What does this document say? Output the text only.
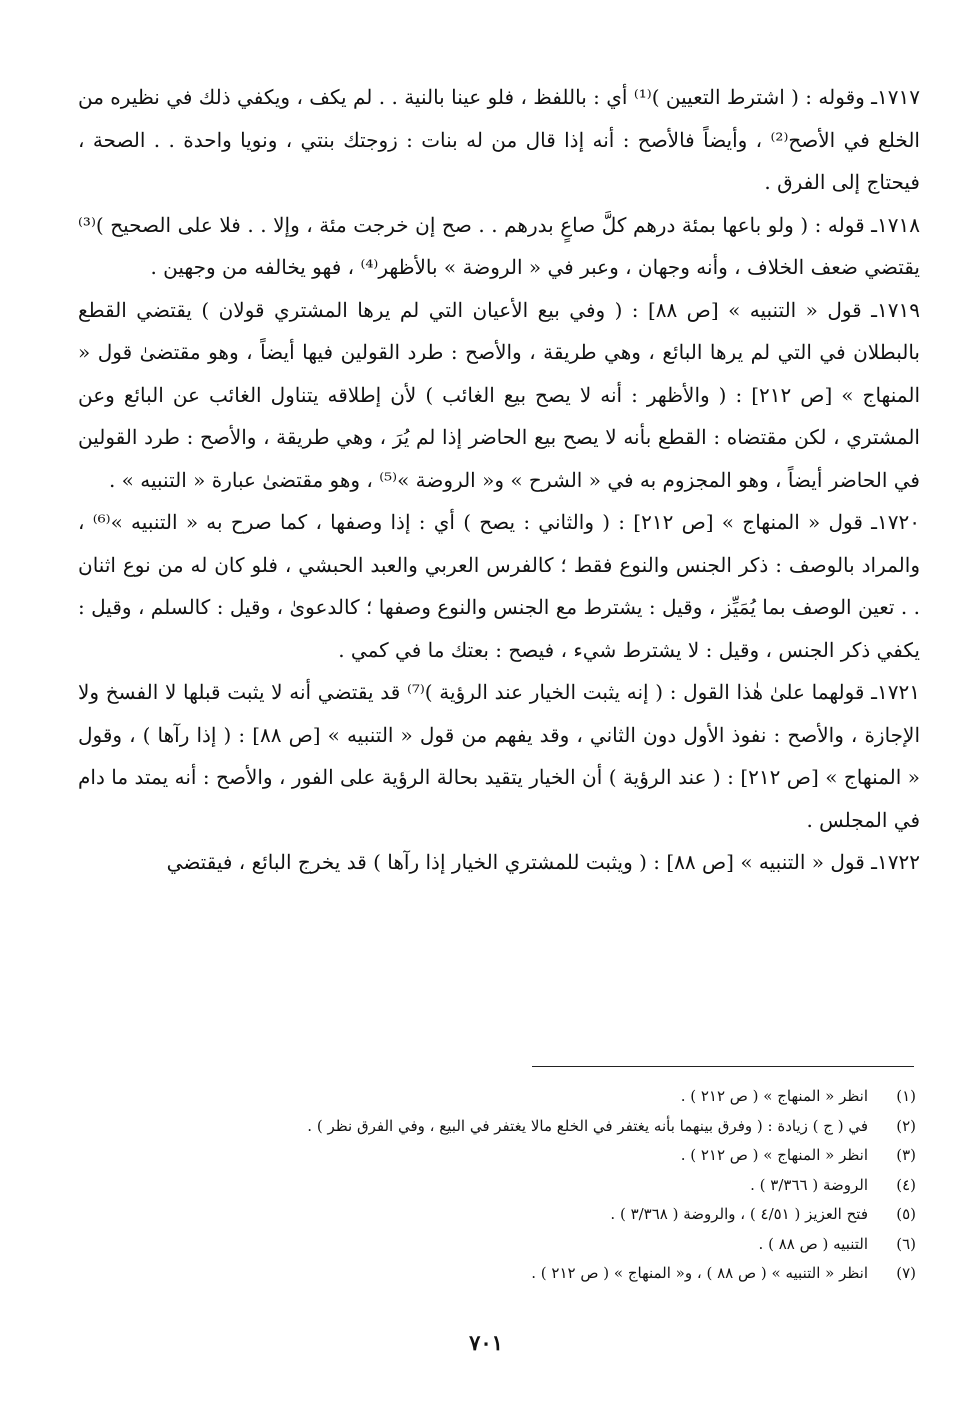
١٧١٧ـ وقوله : ( اشترط التعيين )⁽¹⁾ أي : باللفظ ، فلو عينا بالنية . . لم يكف ، ويكفي ذلك في نظيره من الخلع في الأصح⁽²⁾ ، وأيضاً فالأصح : أنه إذا قال من له بنات : زوجتك بنتي ، ونويا واحدة . . الصحة ، فيحتاج إلى الفرق .

١٧١٨ـ قوله : ( ولو باعها بمئة درهم كلَّ صاعٍ بدرهم . . صح إن خرجت مئة ، وإلا . . فلا على الصحيح )⁽³⁾ يقتضي ضعف الخلاف ، وأنه وجهان ، وعبر في « الروضة » بالأظهر⁽⁴⁾ ، فهو يخالفه من وجهين .

١٧١٩ـ قول « التنبيه » [ص ٨٨] : ( وفي بيع الأعيان التي لم يرها المشتري قولان ) يقتضي القطع بالبطلان في التي لم يرها البائع ، وهي طريقة ، والأصح : طرد القولين فيها أيضاً ، وهو مقتضىٰ قول « المنهاج » [ص ٢١٢] : ( والأظهر : أنه لا يصح بيع الغائب ) لأن إطلاقه يتناول الغائب عن البائع وعن المشتري ، لكن مقتضاه : القطع بأنه لا يصح بيع الحاضر إذا لم يُرَ ، وهي طريقة ، والأصح : طرد القولين في الحاضر أيضاً ، وهو المجزوم به في « الشرح » و« الروضة »⁽⁵⁾ ، وهو مقتضىٰ عبارة « التنبيه » .

١٧٢٠ـ قول « المنهاج » [ص ٢١٢] : ( والثاني : يصح ) أي : إذا وصفها ، كما صرح به « التنبيه »⁽⁶⁾ ، والمراد بالوصف : ذكر الجنس والنوع فقط ؛ كالفرس العربي والعبد الحبشي ، فلو كان له من نوع اثنان . . تعين الوصف بما يُمَيِّز ، وقيل : يشترط مع الجنس والنوع وصفها ؛ كالدعوىٰ ، وقيل : كالسلم ، وقيل : يكفي ذكر الجنس ، وقيل : لا يشترط شيء ، فيصح : بعتك ما في كمي .

١٧٢١ـ قولهما علىٰ هٰذا القول : ( إنه يثبت الخيار عند الرؤية )⁽⁷⁾ قد يقتضي أنه لا يثبت قبلها لا الفسخ ولا الإجازة ، والأصح : نفوذ الأول دون الثاني ، وقد يفهم من قول « التنبيه » [ص ٨٨] : ( إذا رآها ) ، وقول « المنهاج » [ص ٢١٢] : ( عند الرؤية ) أن الخيار يتقيد بحالة الرؤية على الفور ، والأصح : أنه يمتد ما دام في المجلس .

١٧٢٢ـ قول « التنبيه » [ص ٨٨] : ( ويثبت للمشتري الخيار إذا رآها ) قد يخرج البائع ، فيقتضي

(١)
انظر « المنهاج » ( ص ٢١٢ ) .
(٢)
في ( ج ) زيادة : ( وفرق بينهما بأنه يغتفر في الخلع مالا يغتفر في البيع ، وفي الفرق نظر ) .
(٣)
انظر « المنهاج » ( ص ٢١٢ ) .
(٤)
الروضة ( ٣/٣٦٦ ) .
(٥)
فتح العزيز ( ٤/٥١ ) ، والروضة ( ٣/٣٦٨ ) .
(٦)
التنبيه ( ص ٨٨ ) .
(٧)
انظر « التنبيه » ( ص ٨٨ ) ، و« المنهاج » ( ص ٢١٢ ) .
٧٠١
